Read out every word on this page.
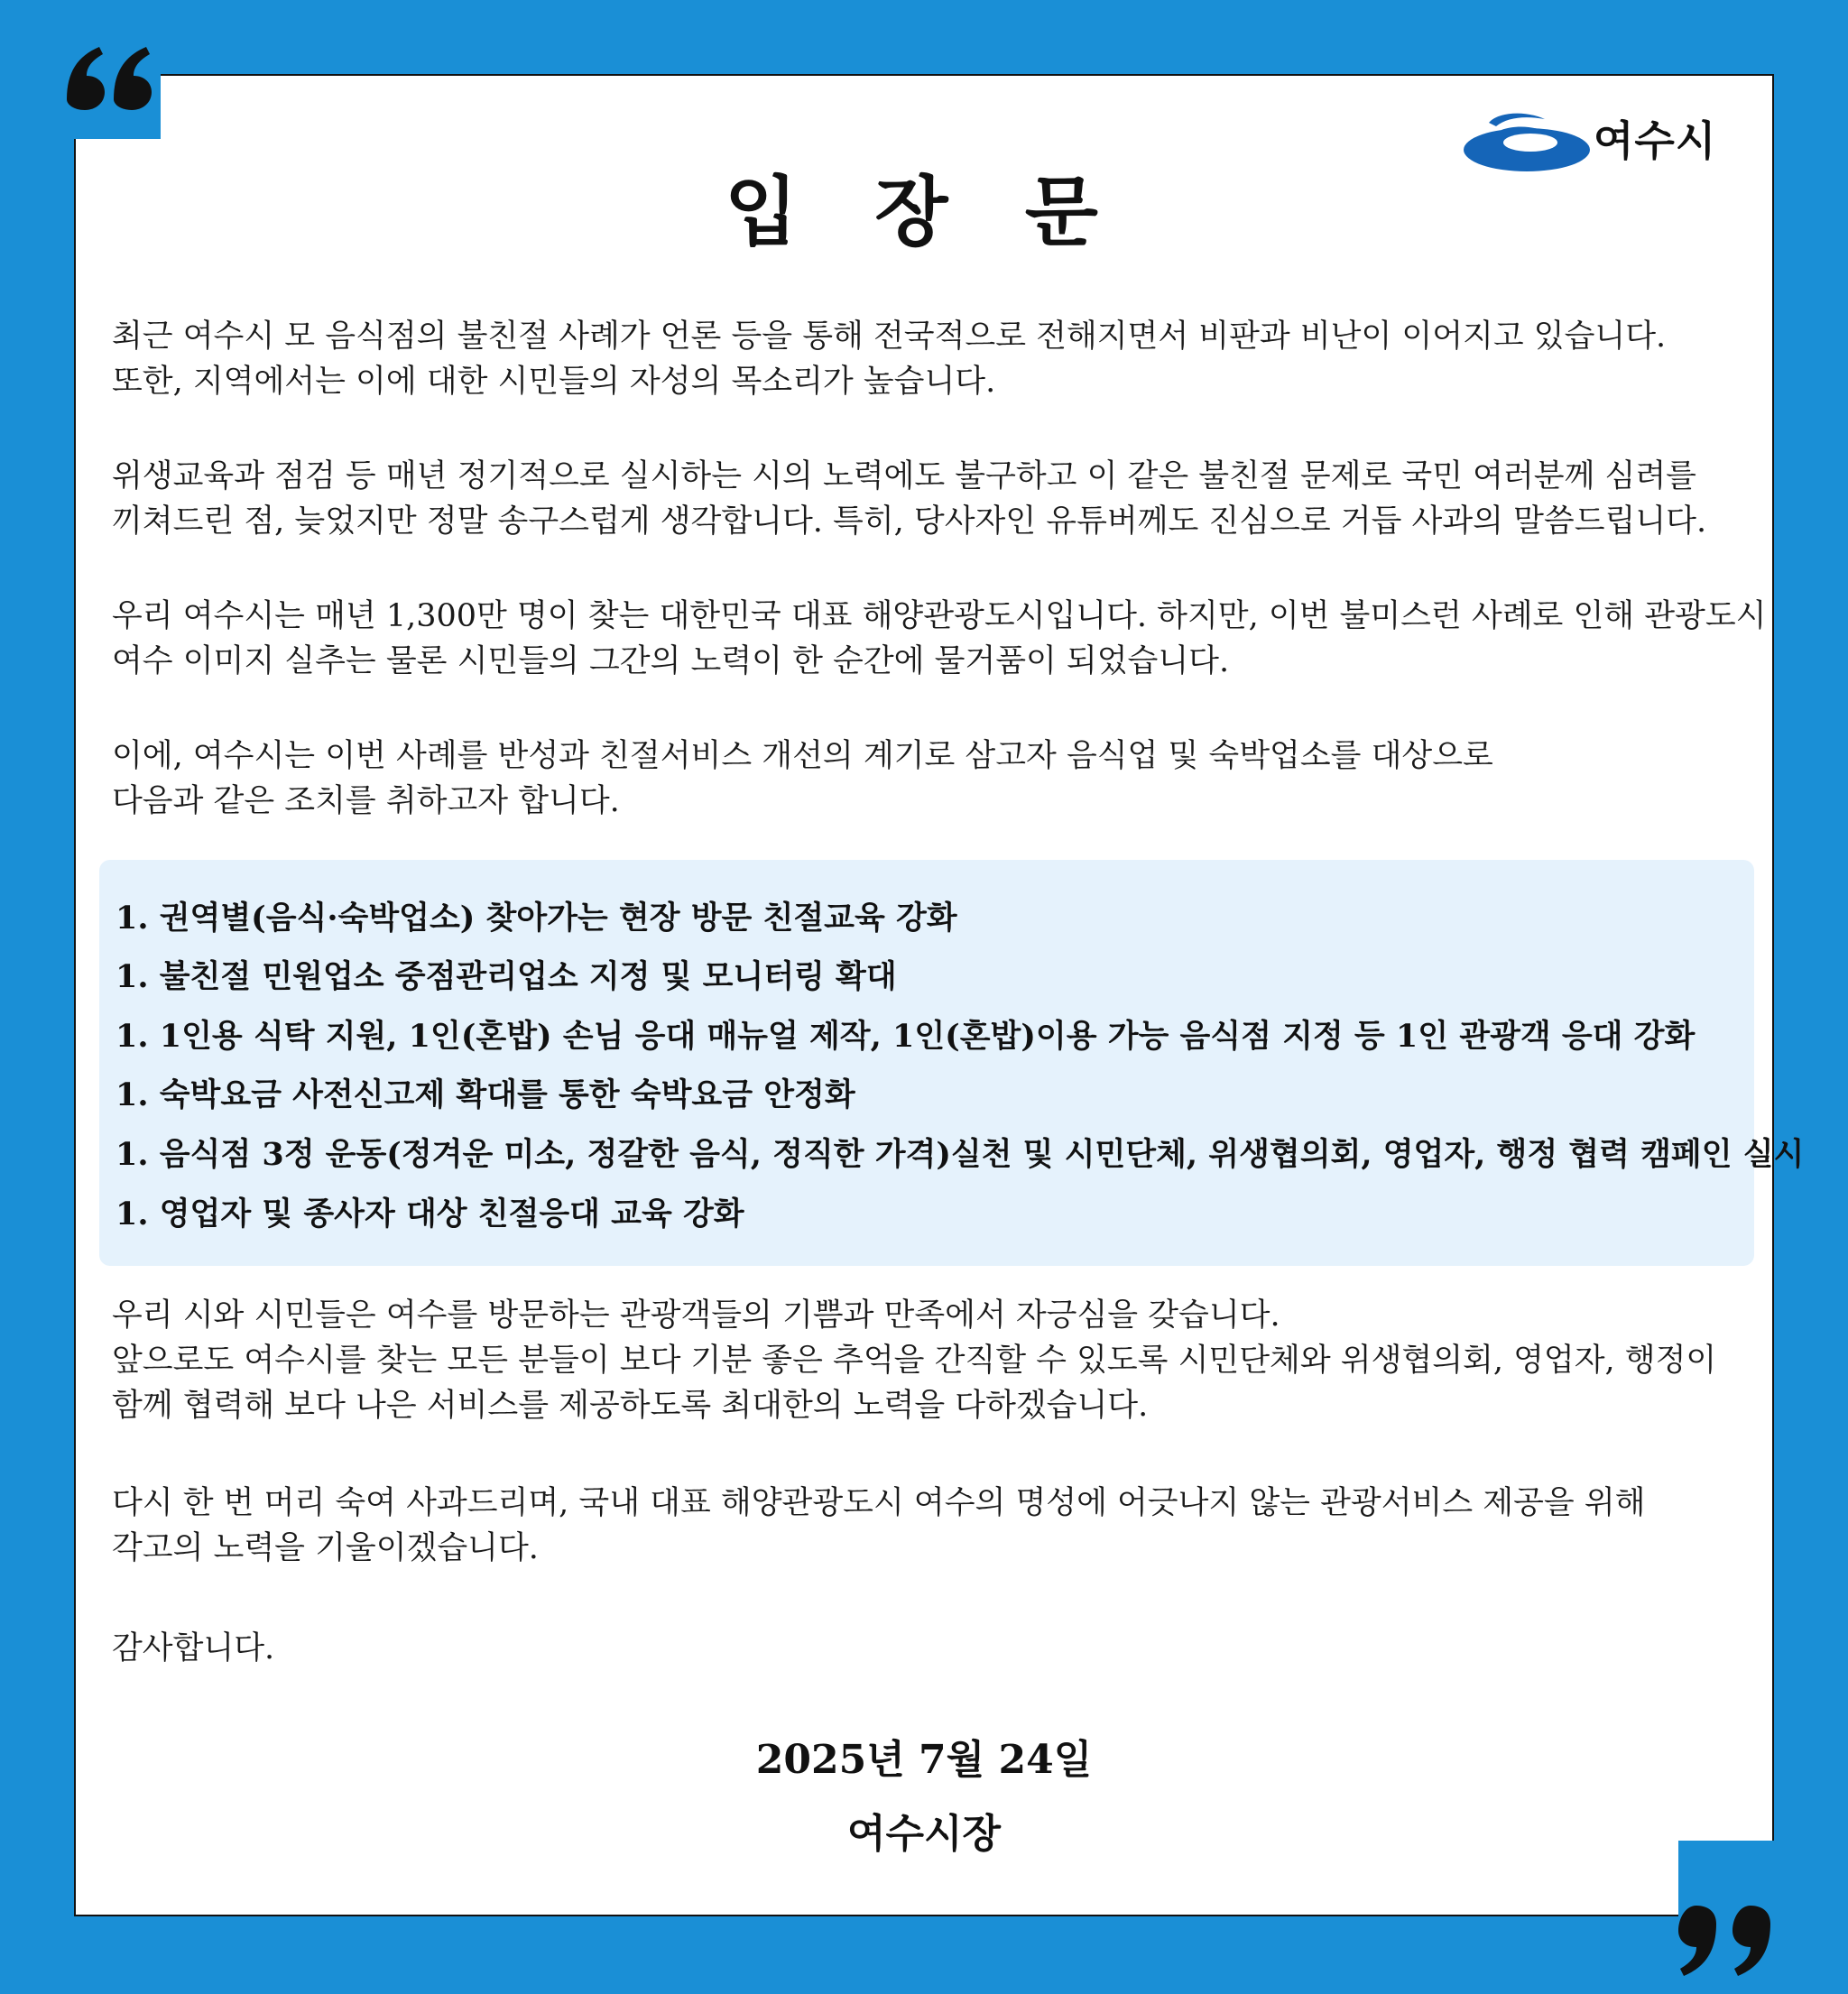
여수시
입 장 문
최근 여수시 모 음식점의 불친절 사례가 언론 등을 통해 전국적으로 전해지면서 비판과 비난이 이어지고 있습니다.
또한, 지역에서는 이에 대한 시민들의 자성의 목소리가 높습니다.
위생교육과 점검 등 매년 정기적으로 실시하는 시의 노력에도 불구하고 이 같은 불친절 문제로 국민 여러분께 심려를
끼쳐드린 점, 늦었지만 정말 송구스럽게 생각합니다. 특히, 당사자인 유튜버께도 진심으로 거듭 사과의 말씀드립니다.
우리 여수시는 매년 1,300만 명이 찾는 대한민국 대표 해양관광도시입니다. 하지만, 이번 불미스런 사례로 인해 관광도시
여수 이미지 실추는 물론 시민들의 그간의 노력이 한 순간에 물거품이 되었습니다.
이에, 여수시는 이번 사례를 반성과 친절서비스 개선의 계기로 삼고자 음식업 및 숙박업소를 대상으로
다음과 같은 조치를 취하고자 합니다.
1. 권역별(음식·숙박업소) 찾아가는 현장 방문 친절교육 강화
1. 불친절 민원업소 중점관리업소 지정 및 모니터링 확대
1. 1인용 식탁 지원, 1인(혼밥) 손님 응대 매뉴얼 제작, 1인(혼밥)이용 가능 음식점 지정 등 1인 관광객 응대 강화
1. 숙박요금 사전신고제 확대를 통한 숙박요금 안정화
1. 음식점 3정 운동(정겨운 미소, 정갈한 음식, 정직한 가격)실천 및 시민단체, 위생협의회, 영업자, 행정 협력 캠페인 실시
1. 영업자 및 종사자 대상 친절응대 교육 강화
우리 시와 시민들은 여수를 방문하는 관광객들의 기쁨과 만족에서 자긍심을 갖습니다.
앞으로도 여수시를 찾는 모든 분들이 보다 기분 좋은 추억을 간직할 수 있도록 시민단체와 위생협의회, 영업자, 행정이
함께 협력해 보다 나은 서비스를 제공하도록 최대한의 노력을 다하겠습니다.
다시 한 번 머리 숙여 사과드리며, 국내 대표 해양관광도시 여수의 명성에 어긋나지 않는 관광서비스 제공을 위해
각고의 노력을 기울이겠습니다.
감사합니다.
2025년 7월 24일
여수시장
